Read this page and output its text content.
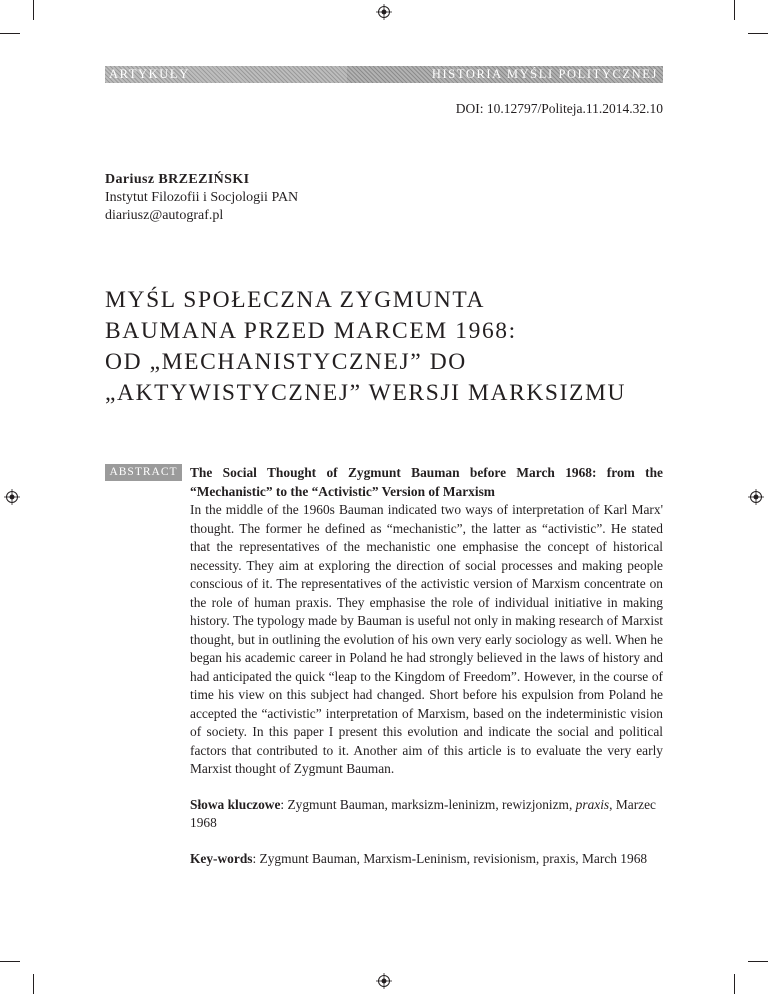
ARTYKUŁY	HISTORIA MYŚLI POLITYCZNEJ
DOI: 10.12797/Politeja.11.2014.32.10
Dariusz BRZEZIŃSKI
Instytut Filozofii i Socjologii PAN
diariusz@autograf.pl
MYŚL SPOŁECZNA ZYGMUNTA
BAUMANA PRZED MARCEM 1968:
OD „MECHANISTYCZNEJ” DO
„AKTYWISTYCZNEJ” WERSJI MARKSIZMU
ABSTRACT The Social Thought of Zygmunt Bauman before March 1968: from the “Mechanistic” to the “Activistic” Version of Marxism

In the middle of the 1960s Bauman indicated two ways of interpretation of Karl Marx' thought. The former he defined as “mechanistic”, the latter as “activistic”. He stated that the representatives of the mechanistic one emphasise the concept of historical necessity. They aim at exploring the direction of social processes and making people conscious of it. The representatives of the activistic version of Marxism concentrate on the role of human praxis. They emphasise the role of individual initiative in making history. The typology made by Bauman is useful not only in making research of Marxist thought, but in outlining the evolution of his own very early sociology as well. When he began his academic career in Poland he had strongly believed in the laws of history and had anticipated the quick “leap to the Kingdom of Freedom”. However, in the course of time his view on this subject had changed. Short before his expulsion from Poland he accepted the “activistic” interpretation of Marxism, based on the indeterministic vision of society. In this paper I present this evolution and indicate the social and political factors that contributed to it. Another aim of this article is to evaluate the very early Marxist thought of Zygmunt Bauman.

Słowa kluczowe: Zygmunt Bauman, marksizm-leninizm, rewizjonizm, praxis, Marzec 1968

Key-words: Zygmunt Bauman, Marxism-Leninism, revisionism, praxis, March 1968
